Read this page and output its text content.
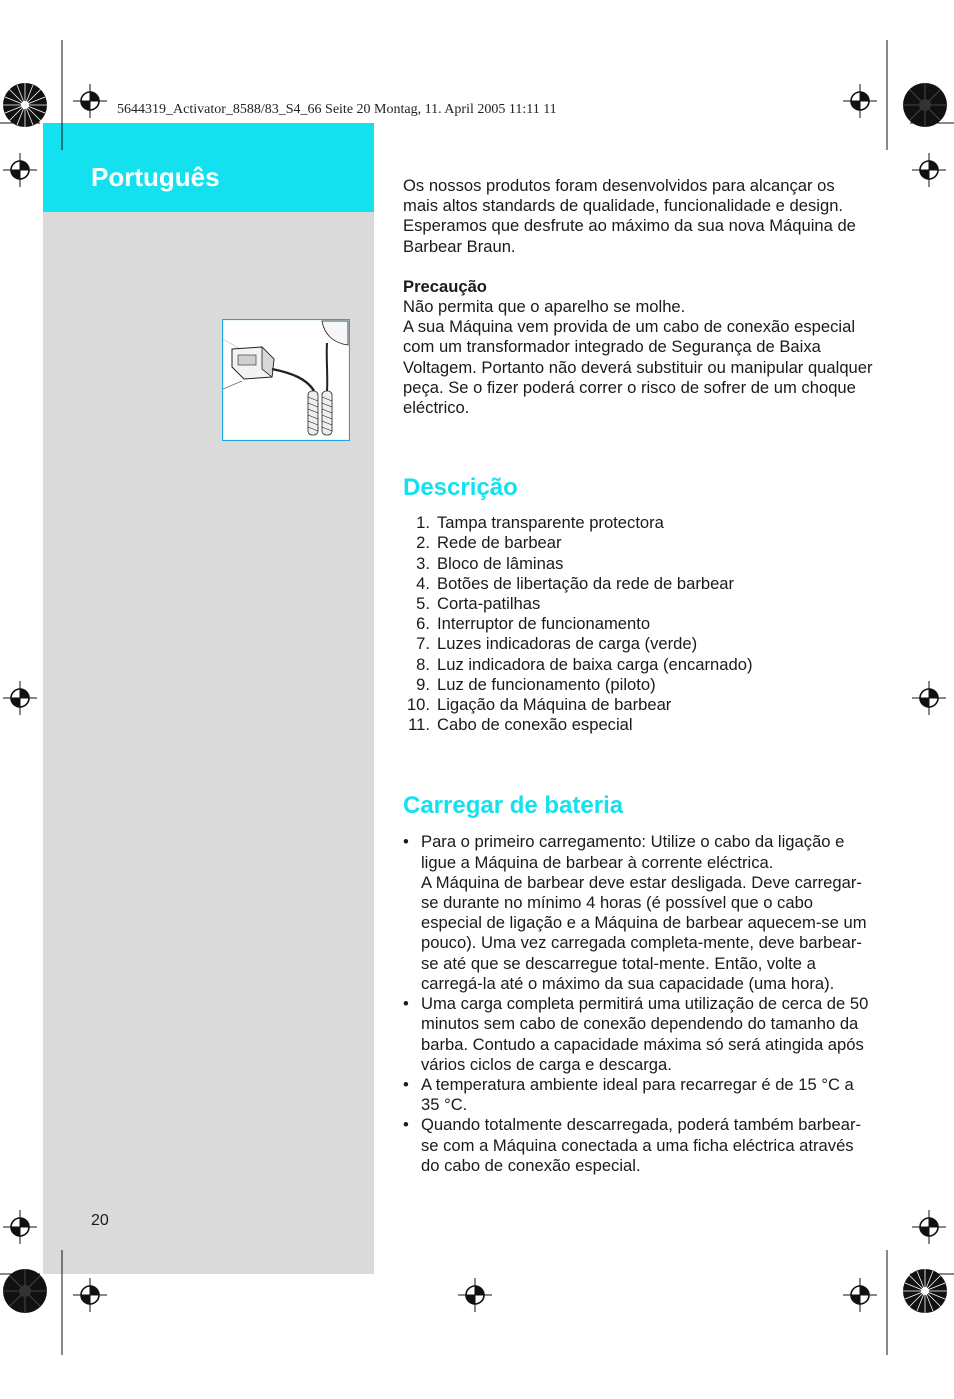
5644319_Activator_8588/83_S4_66 Seite 20 Montag, 11. April 2005 11:11 11
Português
20

Os nossos produtos foram desenvolvidos para alcançar os mais altos standards de qualidade, funcionalidade e design. Esperamos que desfrute ao máximo da sua nova Máquina de Barbear Braun.

Precaução

Não permita que o aparelho se molhe.

A sua Máquina vem provida de um cabo de conexão especial com um transformador integrado de Segurança de Baixa Voltagem. Portanto não deverá substituir ou manipular qualquer peça. Se o fizer poderá correr o risco de sofrer de um choque eléctrico.

Descrição
1. Tampa transparente protectora
2. Rede de barbear
3. Bloco de lâminas
4. Botões de libertação da rede de barbear
5. Corta-patilhas
6. Interruptor de funcionamento
7. Luzes indicadoras de carga (verde)
8. Luz indicadora de baixa carga (encarnado)
9. Luz de funcionamento (piloto)
10. Ligação da Máquina de barbear
11. Cabo de conexão especial
Carregar de bateria
• Para o primeiro carregamento: Utilize o cabo da ligação e ligue a Máquina de barbear à corrente eléctrica.
A Máquina de barbear deve estar desligada. Deve carregar-se durante no mínimo 4 horas (é possível que o cabo especial de ligação e a Máquina de barbear aquecem-se um pouco). Uma vez carregada completa-mente, deve barbear-se até que se descarregue total-mente. Então, volte a carregá-la até o máximo da sua capacidade (uma hora).
• Uma carga completa permitirá uma utilização de cerca de 50 minutos sem cabo de conexão dependendo do tamanho da barba. Contudo a capacidade máxima só será atingida após vários ciclos de carga e descarga.
• A temperatura ambiente ideal para recarregar é de 15 °C a 35 °C.
• Quando totalmente descarregada, poderá também barbear-se com a Máquina conectada a uma ficha eléctrica através do cabo de conexão especial.
